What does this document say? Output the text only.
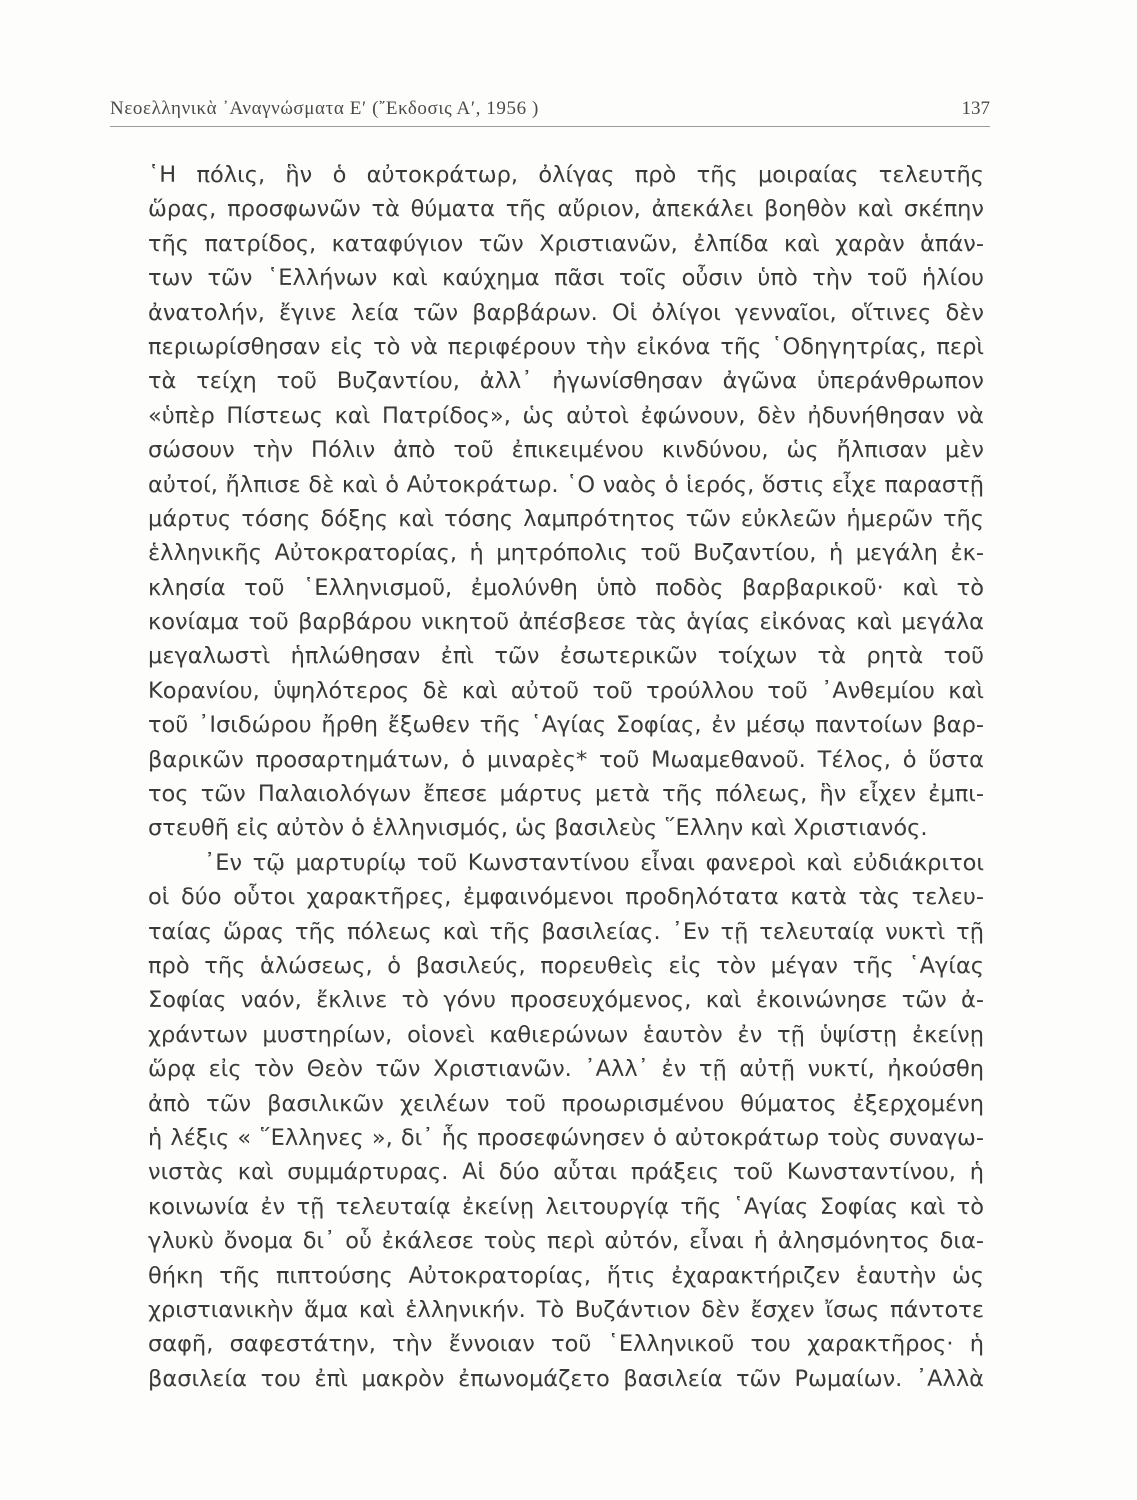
Νεοελληνικὰ ᾿Αναγνώσματα Ε′ (῎Εκδοσις Α′, 1956 )	137
῾Η πόλις, ἣν ὁ αὐτοκράτωρ, ὀλίγας πρὸ τῆς μοιραίας τελευτῆς
ὥρας, προσφωνῶν τὰ θύματα τῆς αὔριον, ἀπεκάλει βοηθὸν καὶ σκέπην
τῆς πατρίδος, καταφύγιον τῶν Χριστιανῶν, ἐλπίδα καὶ χαρὰν ἁπάν-
των τῶν ῾Ελλήνων καὶ καύχημα πᾶσι τοῖς οὖσιν ὑπὸ τὴν τοῦ ἡλίου
ἀνατολήν, ἔγινε λεία τῶν βαρβάρων. Οἱ ὀλίγοι γενναῖοι, οἵτινες δὲν
περιωρίσθησαν εἰς τὸ νὰ περιφέρουν τὴν εἰκόνα τῆς ῾Οδηγητρίας, περὶ
τὰ τείχη τοῦ Βυζαντίου, ἀλλ᾿ ἠγωνίσθησαν ἀγῶνα ὑπεράνθρωπον
«ὑπὲρ Πίστεως καὶ Πατρίδος», ὡς αὐτοὶ ἐφώνουν, δὲν ἠδυνήθησαν νὰ
σώσουν τὴν Πόλιν ἀπὸ τοῦ ἐπικειμένου κινδύνου, ὡς ἤλπισαν μὲν
αὐτοί, ἤλπισε δὲ καὶ ὁ Αὐτοκράτωρ. ῾Ο ναὸς ὁ ἱερός, ὅστις εἶχε παραστῇ
μάρτυς τόσης δόξης καὶ τόσης λαμπρότητος τῶν εὐκλεῶν ἡμερῶν τῆς
ἑλληνικῆς Αὐτοκρατορίας, ἡ μητρόπολις τοῦ Βυζαντίου, ἡ μεγάλη ἐκ-
κλησία τοῦ ῾Ελληνισμοῦ, ἐμολύνθη ὑπὸ ποδὸς βαρβαρικοῦ· καὶ τὸ
κονίαμα τοῦ βαρβάρου νικητοῦ ἀπέσβεσε τὰς ἁγίας εἰκόνας καὶ μεγάλα
μεγαλωστὶ ἡπλώθησαν ἐπὶ τῶν ἐσωτερικῶν τοίχων τὰ ρητὰ τοῦ
Κορανίου, ὑψηλότερος δὲ καὶ αὐτοῦ τοῦ τρούλλου τοῦ ᾿Ανθεμίου καὶ
τοῦ ᾿Ισιδώρου ἤρθη ἔξωθεν τῆς ῾Αγίας Σοφίας, ἐν μέσῳ παντοίων βαρ-
βαρικῶν προσαρτημάτων, ὁ μιναρὲς* τοῦ Μωαμεθανοῦ. Τέλος, ὁ ὕστα
τος τῶν Παλαιολόγων ἔπεσε μάρτυς μετὰ τῆς πόλεως, ἣν εἶχεν ἐμπι-
στευθῆ εἰς αὐτὸν ὁ ἑλληνισμός, ὡς βασιλεὺς ῞Ελλην καὶ Χριστιανός.
᾿Εν τῷ μαρτυρίῳ τοῦ Κωνσταντίνου εἶναι φανεροὶ καὶ εὐδιάκριτοι
οἱ δύο οὗτοι χαρακτῆρες, ἐμφαινόμενοι προδηλότατα κατὰ τὰς τελευ-
ταίας ὥρας τῆς πόλεως καὶ τῆς βασιλείας. ᾿Εν τῇ τελευταίᾳ νυκτὶ τῇ
πρὸ τῆς ἁλώσεως, ὁ βασιλεύς, πορευθεὶς εἰς τὸν μέγαν τῆς ῾Αγίας
Σοφίας ναόν, ἔκλινε τὸ γόνυ προσευχόμενος, καὶ ἐκοινώνησε τῶν ἀ-
χράντων μυστηρίων, οἱονεὶ καθιερώνων ἑαυτὸν ἐν τῇ ὑψίστῃ ἐκείνῃ
ὥρᾳ εἰς τὸν Θεὸν τῶν Χριστιανῶν. ᾿Αλλ᾿ ἐν τῇ αὐτῇ νυκτί, ἠκούσθη
ἀπὸ τῶν βασιλικῶν χειλέων τοῦ προωρισμένου θύματος ἐξερχομένη
ἡ λέξις « ῞Ελληνες », δι᾿ ἧς προσεφώνησεν ὁ αὐτοκράτωρ τοὺς συναγω-
νιστὰς καὶ συμμάρτυρας. Αἱ δύο αὗται πράξεις τοῦ Κωνσταντίνου, ἡ
κοινωνία ἐν τῇ τελευταίᾳ ἐκείνῃ λειτουργίᾳ τῆς ῾Αγίας Σοφίας καὶ τὸ
γλυκὺ ὄνομα δι᾿ οὗ ἐκάλεσε τοὺς περὶ αὐτόν, εἶναι ἡ ἀλησμόνητος δια-
θήκη τῆς πιπτούσης Αὐτοκρατορίας, ἥτις ἐχαρακτήριζεν ἑαυτὴν ὡς
χριστιανικὴν ἅμα καὶ ἑλληνικήν. Τὸ Βυζάντιον δὲν ἔσχεν ἴσως πάντοτε
σαφῆ, σαφεστάτην, τὴν ἔννοιαν τοῦ ῾Ελληνικοῦ του χαρακτῆρος· ἡ
βασιλεία του ἐπὶ μακρὸν ἐπωνομάζετο βασιλεία τῶν Ρωμαίων. ᾿Αλλὰ
